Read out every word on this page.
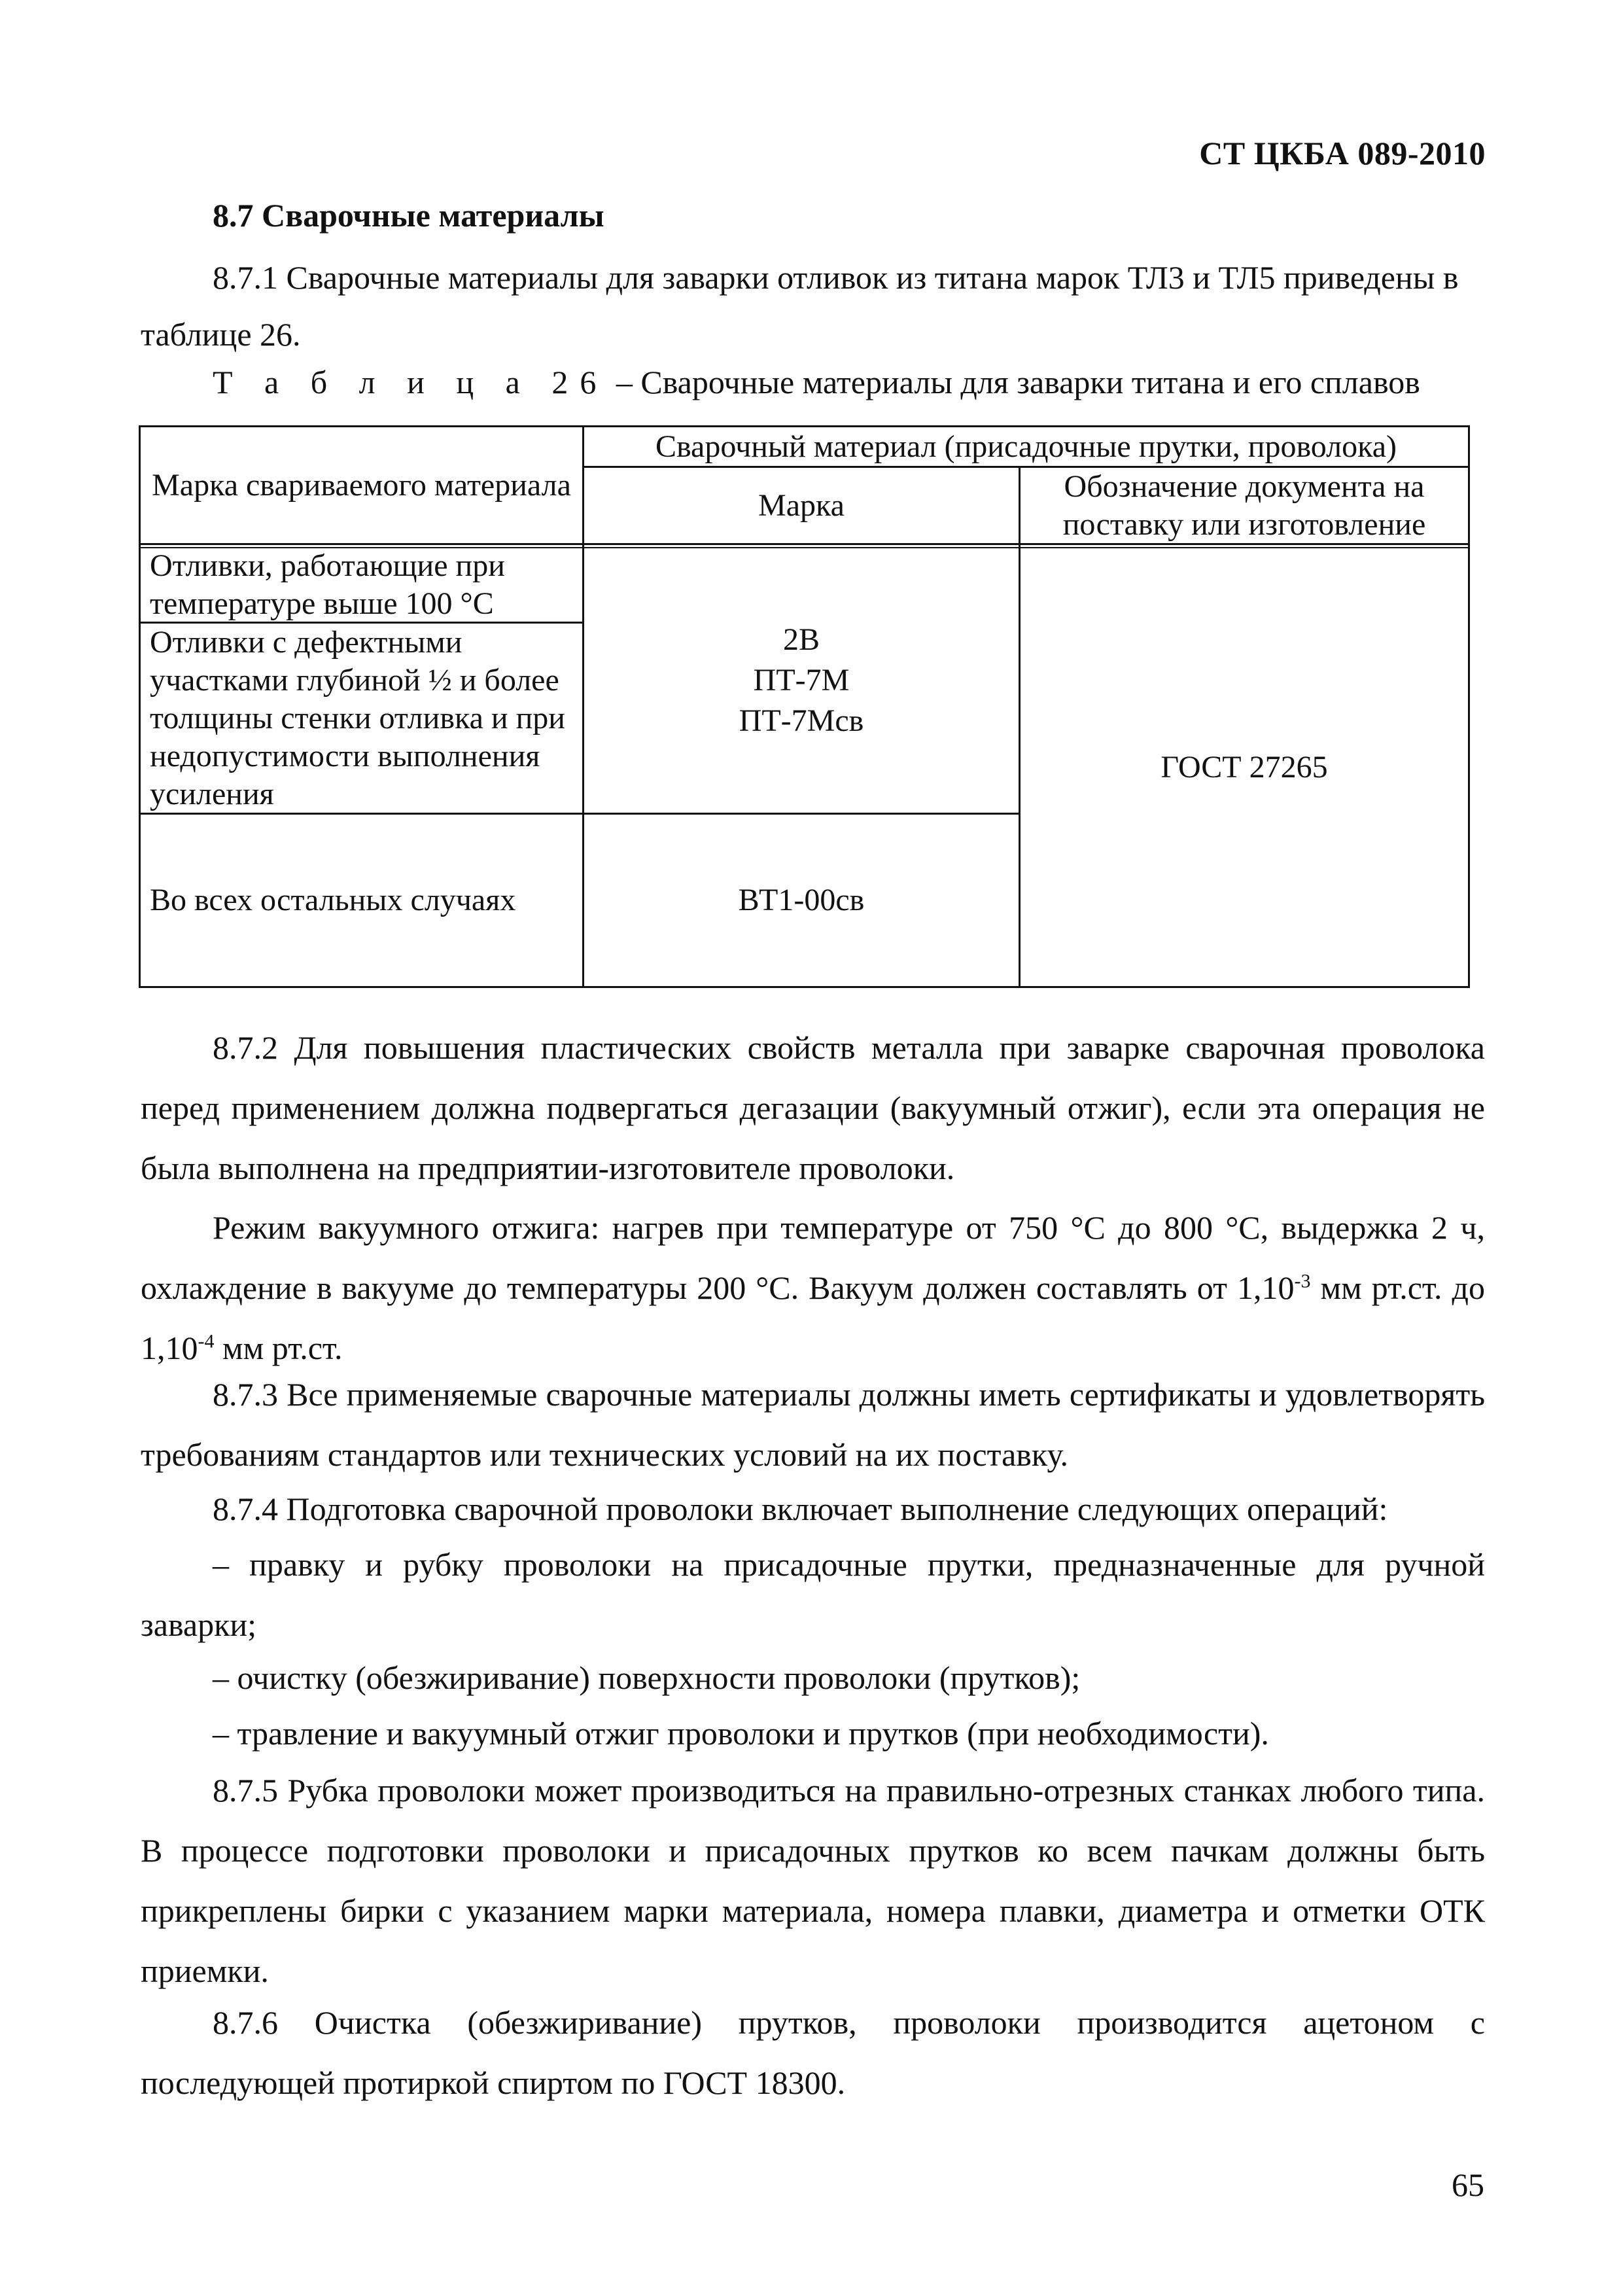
СТ ЦКБА 089-2010
8.7 Сварочные материалы

8.7.1 Сварочные материалы для заварки отливок из титана марок ТЛ3 и ТЛ5 приведены в

таблице 26.

Т а б л и ц а 26 – Сварочные материалы для заварки титана и его сплавов
Марка свариваемого материала
Сварочный материал (присадочные прутки, проволока)
Марка
Обозначение документа на поставку или изготовление
Отливки, работающие при температуре выше 100 °С
Отливки с дефектными участками глубиной ½ и более толщины стенки отливка и при недопустимости выполнения усиления
Во всех остальных случаях
2В
ПТ-7М
ПТ-7Мсв
ВТ1-00св
ГОСТ 27265

8.7.2 Для повышения пластических свойств металла при заварке сварочная проволока перед применением должна подвергаться дегазации (вакуумный отжиг), если эта операция не была выполнена на предприятии-изготовителе проволоки.

Режим вакуумного отжига: нагрев при температуре от 750 °С до 800 °С, выдержка 2 ч, охлаждение в вакууме до температуры 200 °С. Вакуум должен составлять от $1,10^{-3}$ мм рт.ст. до $1,10^{-4}$ мм рт.ст.

8.7.3 Все применяемые сварочные материалы должны иметь сертификаты и удовлетворять требованиям стандартов или технических условий на их поставку.

8.7.4 Подготовка сварочной проволоки включает выполнение следующих операций:

– правку и рубку проволоки на присадочные прутки, предназначенные для ручной заварки;

– очистку (обезжиривание) поверхности проволоки (прутков);

– травление и вакуумный отжиг проволоки и прутков (при необходимости).

8.7.5 Рубка проволоки может производиться на правильно-отрезных станках любого типа. В процессе подготовки проволоки и присадочных прутков ко всем пачкам должны быть прикреплены бирки с указанием марки материала, номера плавки, диаметра и отметки ОТК приемки.

8.7.6 Очистка (обезжиривание) прутков, проволоки производится ацетоном с последующей протиркой спиртом по ГОСТ 18300.

65
